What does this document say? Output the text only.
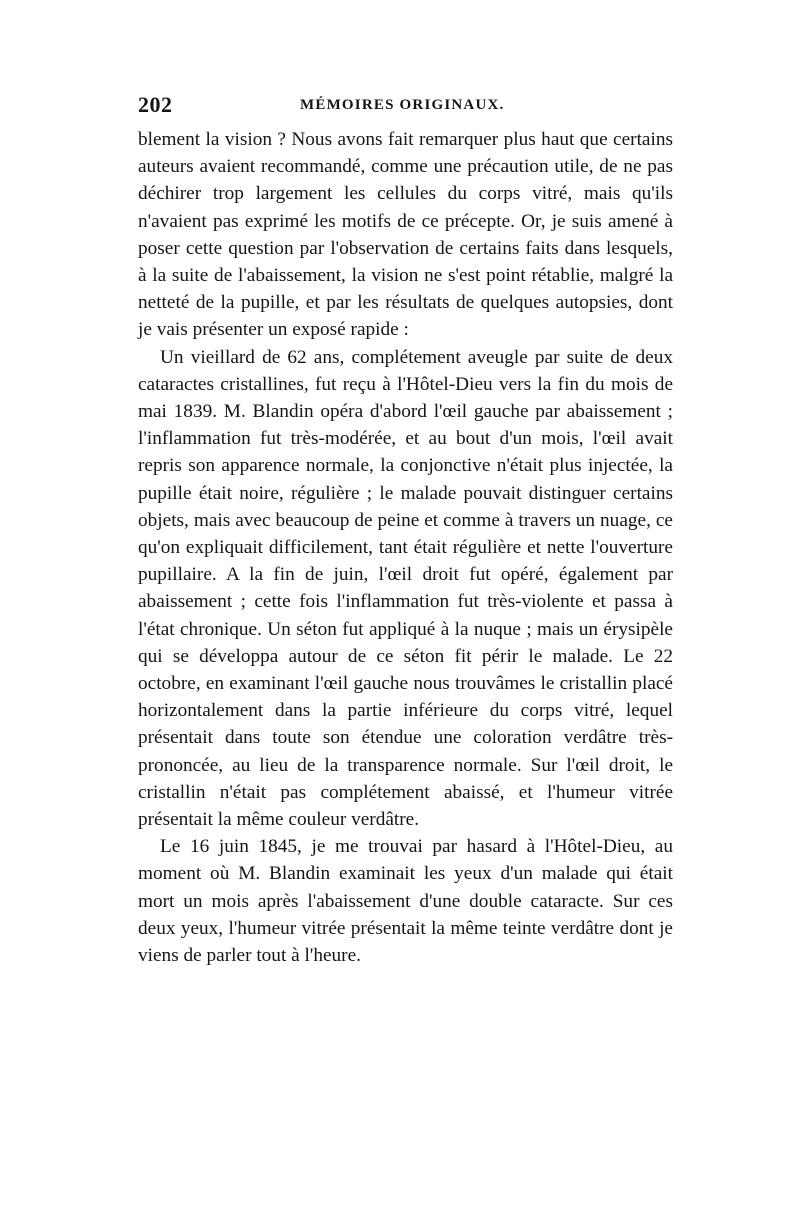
202	MÉMOIRES ORIGINAUX.

blement la vision ? Nous avons fait remarquer plus haut que certains auteurs avaient recommandé, comme une précaution utile, de ne pas déchirer trop largement les cellules du corps vitré, mais qu'ils n'avaient pas exprimé les motifs de ce précepte. Or, je suis amené à poser cette question par l'observation de certains faits dans lesquels, à la suite de l'abaissement, la vision ne s'est point rétablie, malgré la netteté de la pupille, et par les résultats de quelques autopsies, dont je vais présenter un exposé rapide :

Un vieillard de 62 ans, complétement aveugle par suite de deux cataractes cristallines, fut reçu à l'Hôtel-Dieu vers la fin du mois de mai 1839. M. Blandin opéra d'abord l'œil gauche par abaissement ; l'inflammation fut très-modérée, et au bout d'un mois, l'œil avait repris son apparence normale, la conjonctive n'était plus injectée, la pupille était noire, régulière ; le malade pouvait distinguer certains objets, mais avec beaucoup de peine et comme à travers un nuage, ce qu'on expliquait difficilement, tant était régulière et nette l'ouverture pupillaire. A la fin de juin, l'œil droit fut opéré, également par abaissement ; cette fois l'inflammation fut très-violente et passa à l'état chronique. Un séton fut appliqué à la nuque ; mais un érysipèle qui se développa autour de ce séton fit périr le malade. Le 22 octobre, en examinant l'œil gauche nous trouvâmes le cristallin placé horizontalement dans la partie inférieure du corps vitré, lequel présentait dans toute son étendue une coloration verdâtre très-prononcée, au lieu de la transparence normale. Sur l'œil droit, le cristallin n'était pas complétement abaissé, et l'humeur vitrée présentait la même couleur verdâtre.

Le 16 juin 1845, je me trouvai par hasard à l'Hôtel-Dieu, au moment où M. Blandin examinait les yeux d'un malade qui était mort un mois après l'abaissement d'une double cataracte. Sur ces deux yeux, l'humeur vitrée présentait la même teinte verdâtre dont je viens de parler tout à l'heure.
